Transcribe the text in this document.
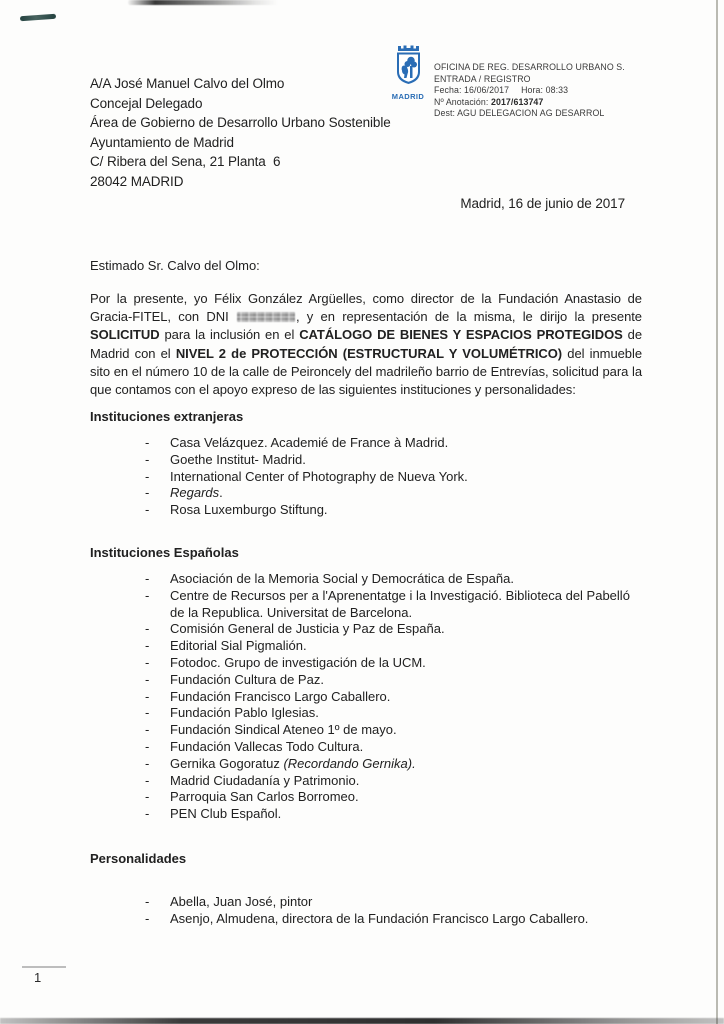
A/A José Manuel Calvo del Olmo
Concejal Delegado
Área de Gobierno de Desarrollo Urbano Sostenible
Ayuntamiento de Madrid
C/ Ribera del Sena, 21 Planta  6
28042 MADRID
MADRID
OFICINA DE REG. DESARROLLO URBANO S.
ENTRADA / REGISTRO
Fecha: 16/06/2017 Hora: 08:33
Nº Anotación: 2017/613747
Dest: AGU DELEGACION AG DESARROL
Madrid, 16 de junio de 2017
Estimado Sr. Calvo del Olmo:
Por la presente, yo Félix González Argüelles, como director de la Fundación Anastasio de Gracia-FITEL, con DNI	, y en representación de la misma, le dirijo la presente SOLICITUD para la inclusión en el CATÁLOGO DE BIENES Y ESPACIOS PROTEGIDOS de Madrid con el NIVEL 2 de PROTECCIÓN (ESTRUCTURAL Y VOLUMÉTRICO) del inmueble sito en el número 10 de la calle de Peironcely del madrileño barrio de Entrevías, solicitud para la que contamos con el apoyo expreso de las siguientes instituciones y personalidades:
Instituciones extranjeras
-	Casa Velázquez. Academié de France à Madrid.
-	Goethe Institut- Madrid.
-	International Center of Photography de Nueva York.
-	Regards.
-	Rosa Luxemburgo Stiftung.
Instituciones Españolas
-	Asociación de la Memoria Social y Democrática de España.
-	Centre de Recursos per a l'Aprenentatge i la Investigació. Biblioteca del Pabelló de la Republica. Universitat de Barcelona.
-	Comisión General de Justicia y Paz de España.
-	Editorial Sial Pigmalión.
-	Fotodoc. Grupo de investigación de la UCM.
-	Fundación Cultura de Paz.
-	Fundación Francisco Largo Caballero.
-	Fundación Pablo Iglesias.
-	Fundación Sindical Ateneo 1º de mayo.
-	Fundación Vallecas Todo Cultura.
-	Gernika Gogoratuz (Recordando Gernika).
-	Madrid Ciudadanía y Patrimonio.
-	Parroquia San Carlos Borromeo.
-	PEN Club Español.
Personalidades
-	Abella, Juan José, pintor
-	Asenjo, Almudena, directora de la Fundación Francisco Largo Caballero.
1
